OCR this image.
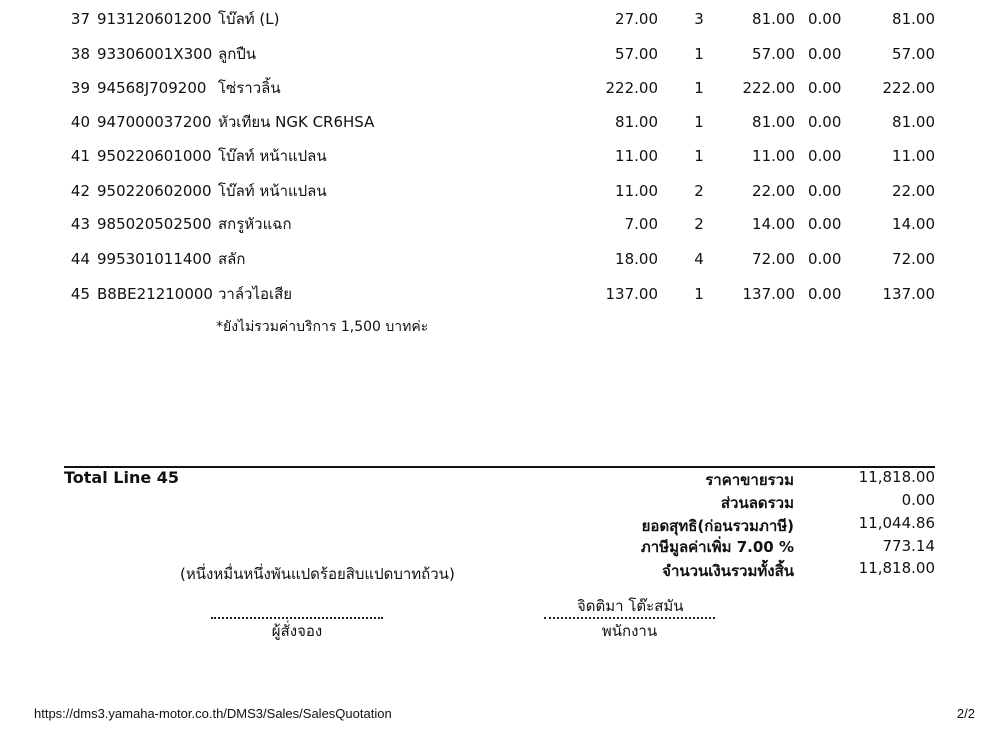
37 913120601200 โบ๊ลท์ (L)	27.00	3	81.00 0.00	81.00
38 93306001X300 ลูกปืน	57.00	1	57.00 0.00	57.00
39 94568J709200 โซ่ราวลิ้น	222.00	1	222.00 0.00	222.00
40 947000037200 หัวเทียน NGK CR6HSA	81.00	1	81.00 0.00	81.00
41 950220601000 โบ๊ลท์ หน้าแปลน	11.00	1	11.00 0.00	11.00
42 950220602000 โบ๊ลท์ หน้าแปลน	11.00	2	22.00 0.00	22.00
43 985020502500 สกรูหัวแฉก	7.00	2	14.00 0.00	14.00
44 995301011400 สลัก	18.00	4	72.00 0.00	72.00
45 B8BE21210000 วาล์วไอเสีย	137.00	1	137.00 0.00	137.00
*ยังไม่รวมค่าบริการ 1,500 บาทค่ะ
Total Line 45	ราคาขายรวม	11,818.00
ส่วนลดรวม	0.00
ยอดสุทธิ(ก่อนรวมภาษี)	11,044.86
ภาษีมูลค่าเพิ่ม 7.00 %	773.14
จำนวนเงินรวมทั้งสิ้น	11,818.00
(หนึ่งหมื่นหนึ่งพันแปดร้อยสิบแปดบาทถ้วน)
จิดติมา โต๊ะสมัน
ผู้สั่งจอง	พนักงาน
https://dms3.yamaha-motor.co.th/DMS3/Sales/SalesQuotation	2/2
